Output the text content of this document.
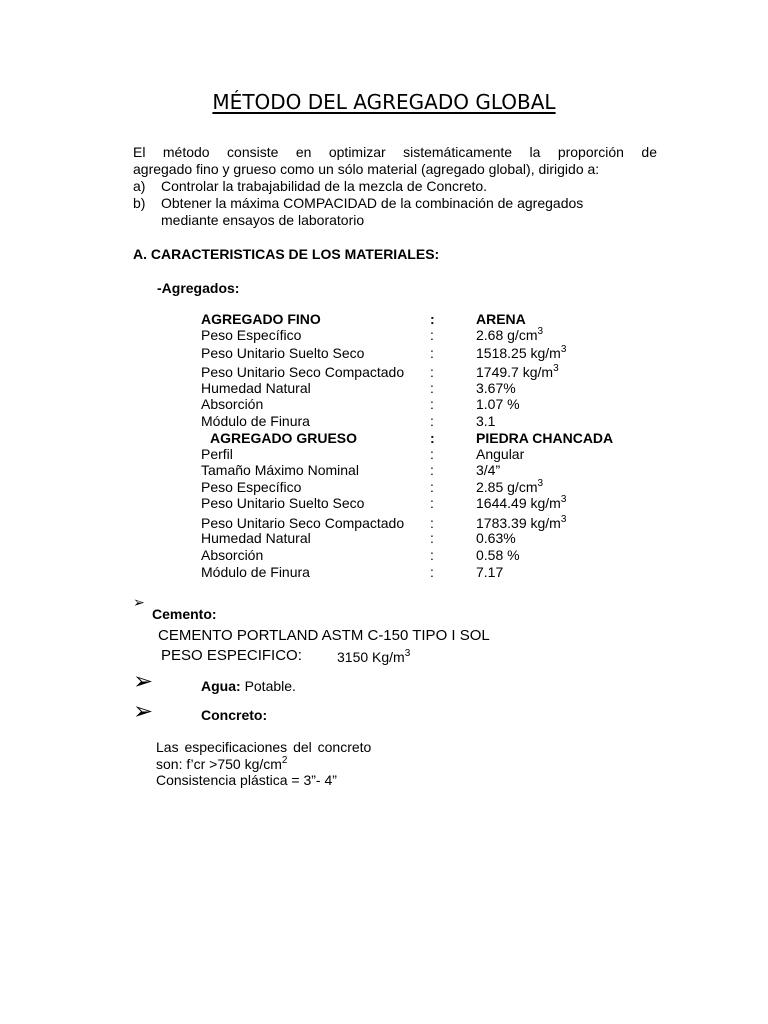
MÉTODO DEL AGREGADO GLOBAL
El método consiste en optimizar sistemáticamente la proporción de
agregado fino y grueso como un sólo material (agregado global), dirigido a:
a) Controlar la trabajabilidad de la mezcla de Concreto.
b) Obtener la máxima COMPACIDAD de la combinación de agregados
mediante ensayos de laboratorio
A. CARACTERISTICAS DE LOS MATERIALES:
-Agregados:
AGREGADO FINO	:	ARENA
Peso Específico	:	2.68 $g/cm^3$
Peso Unitario Suelto Seco	:	1518.25 $kg/m^3$
Peso Unitario Seco Compactado :	1749.7 $kg/m^3$
Humedad Natural	:	3.67%
Absorción	:	1.07 %
Módulo de Finura	:	3.1
AGREGADO GRUESO	:	PIEDRA CHANCADA
Perfil	:	Angular
Tamaño Máximo Nominal	:	3/4”
Peso Específico	:	2.85 $g/cm^3$
Peso Unitario Suelto Seco	:	1644.49 $kg/m^3$
Peso Unitario Seco Compactado :	1783.39 $kg/m^3$
Humedad Natural	:	0.63%
Absorción	:	0.58 %
Módulo de Finura	:	7.17
➢
Cemento:
CEMENTO PORTLAND ASTM C-150 TIPO I SOL
PESO ESPECIFICO:	3150 $Kg/m^3$
➢	Agua: Potable.
➢	Concreto:
Las especificaciones del concreto
son: f’cr >750 $kg/cm^2$
Consistencia plástica = 3”- 4”
